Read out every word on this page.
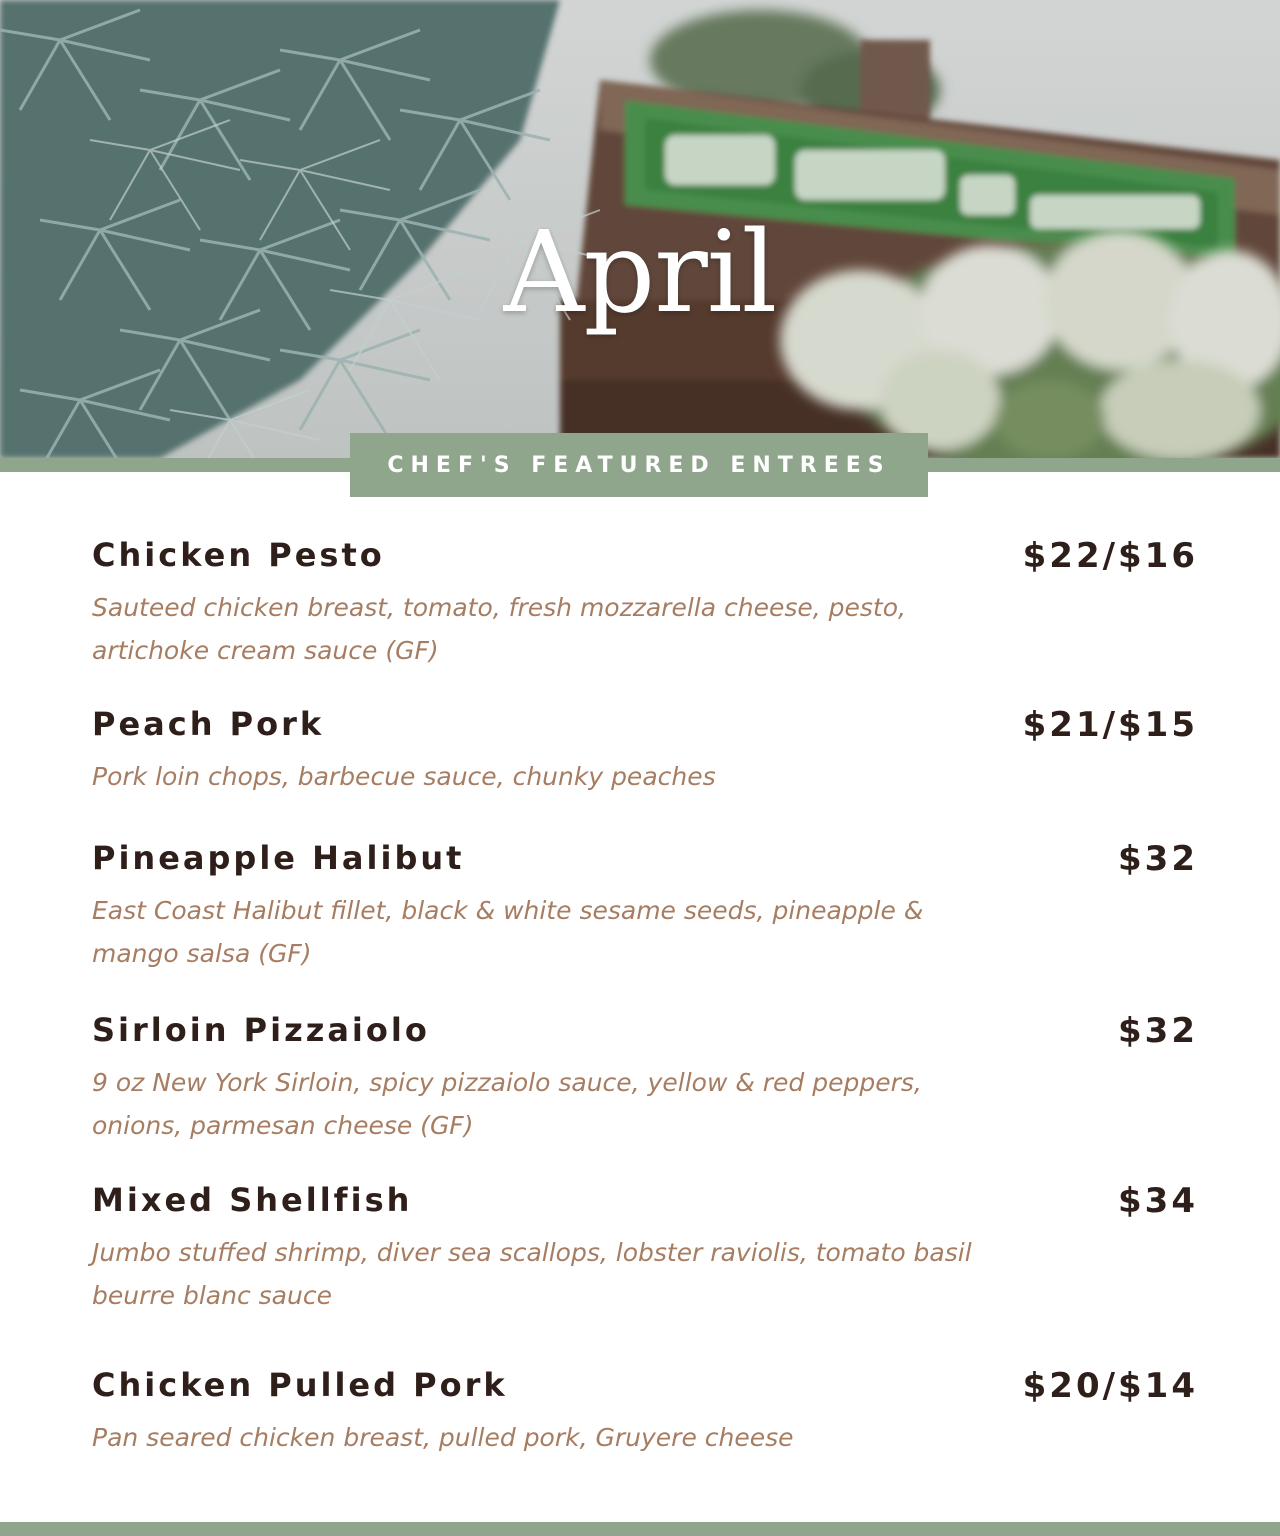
April
CHEF'S FEATURED ENTREES
Chicken Pesto	$22/$16
Sauteed chicken breast, tomato, fresh mozzarella cheese, pesto, artichoke cream sauce (GF)
Peach Pork	$21/$15
Pork loin chops, barbecue sauce, chunky peaches
Pineapple Halibut	$32
East Coast Halibut fillet, black & white sesame seeds, pineapple & mango salsa (GF)
Sirloin Pizzaiolo	$32
9 oz New York Sirloin, spicy pizzaiolo sauce, yellow & red peppers, onions, parmesan cheese (GF)
Mixed Shellfish	$34
Jumbo stuffed shrimp, diver sea scallops, lobster raviolis, tomato basil beurre blanc sauce
Chicken Pulled Pork	$20/$14
Pan seared chicken breast, pulled pork, Gruyere cheese
